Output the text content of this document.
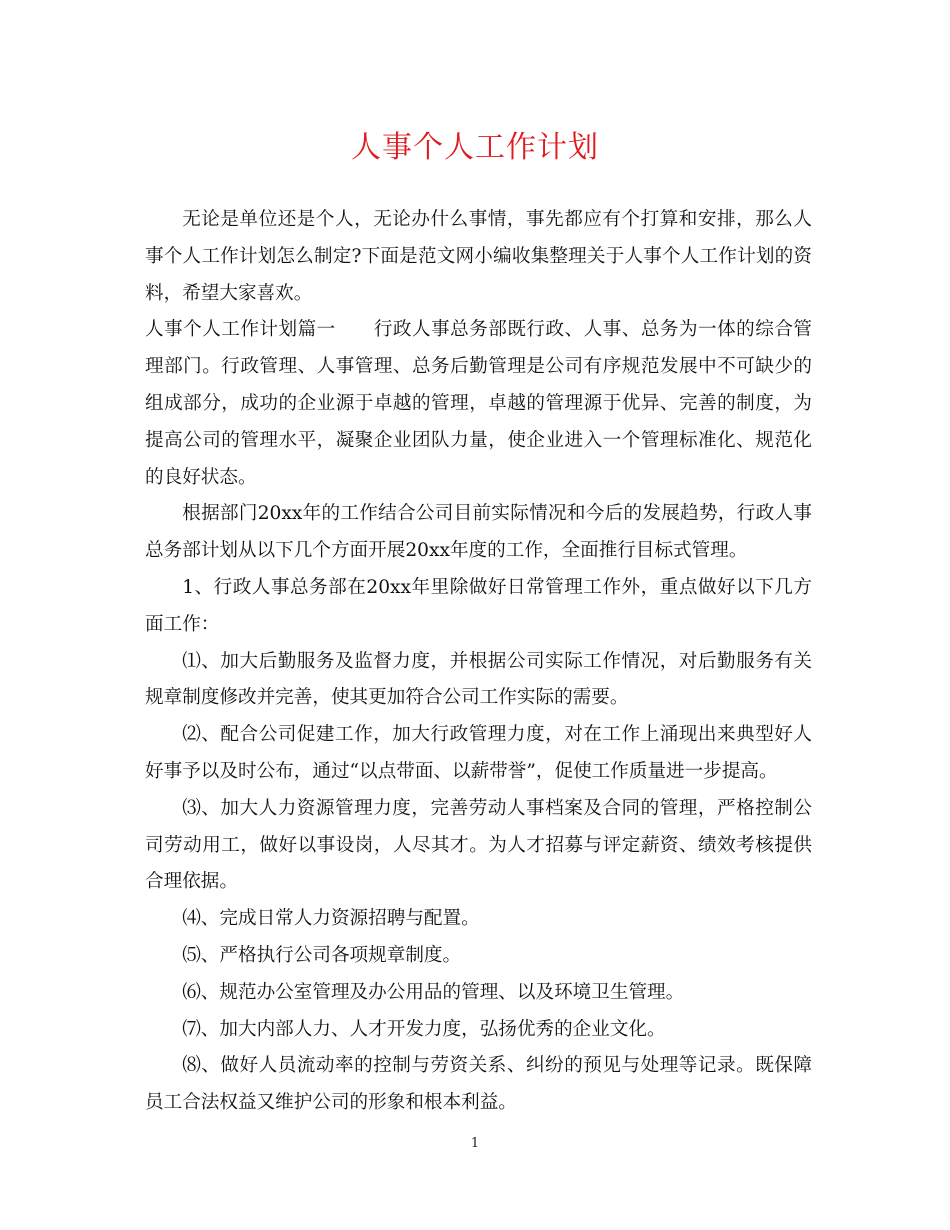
人事个人工作计划

无论是单位还是个人，无论办什么事情，事先都应有个打算和安排，那么人事个人工作计划怎么制定?下面是范文网小编收集整理关于人事个人工作计划的资料，希望大家喜欢。

人事个人工作计划篇一　　行政人事总务部既行政、人事、总务为一体的综合管理部门。行政管理、人事管理、总务后勤管理是公司有序规范发展中不可缺少的组成部分，成功的企业源于卓越的管理，卓越的管理源于优异、完善的制度，为提高公司的管理水平，凝聚企业团队力量，使企业进入一个管理标准化、规范化的良好状态。

根据部门20xx年的工作结合公司目前实际情况和今后的发展趋势，行政人事总务部计划从以下几个方面开展20xx年度的工作，全面推行目标式管理。

1、行政人事总务部在20xx年里除做好日常管理工作外，重点做好以下几方面工作：

⑴、加大后勤服务及监督力度，并根据公司实际工作情况，对后勤服务有关规章制度修改并完善，使其更加符合公司工作实际的需要。

⑵、配合公司促建工作，加大行政管理力度，对在工作上涌现出来典型好人好事予以及时公布，通过“以点带面、以薪带誉”，促使工作质量进一步提高。

⑶、加大人力资源管理力度，完善劳动人事档案及合同的管理，严格控制公司劳动用工，做好以事设岗，人尽其才。为人才招募与评定薪资、绩效考核提供合理依据。

⑷、完成日常人力资源招聘与配置。

⑸、严格执行公司各项规章制度。

⑹、规范办公室管理及办公用品的管理、以及环境卫生管理。

⑺、加大内部人力、人才开发力度，弘扬优秀的企业文化。

⑻、做好人员流动率的控制与劳资关系、纠纷的预见与处理等记录。既保障员工合法权益又维护公司的形象和根本利益。

1
